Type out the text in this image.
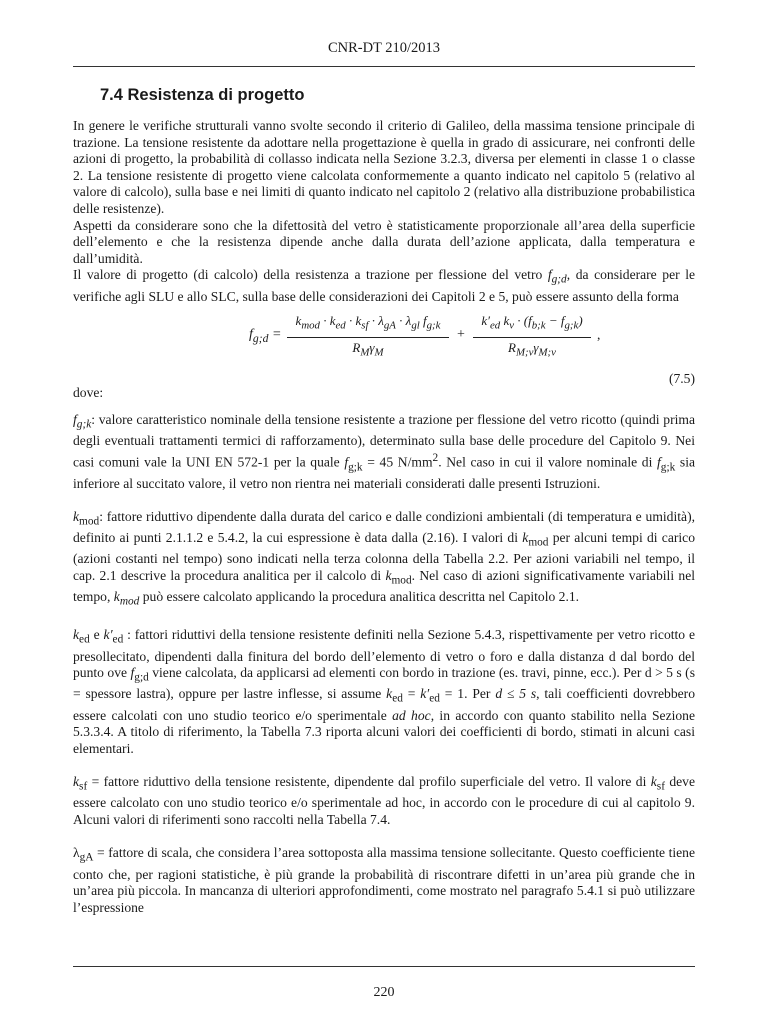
CNR-DT 210/2013
7.4 Resistenza di progetto

In genere le verifiche strutturali vanno svolte secondo il criterio di Galileo, della massima tensione principale di trazione. La tensione resistente da adottare nella progettazione è quella in grado di assicurare, nei confronti delle azioni di progetto, la probabilità di collasso indicata nella Sezione 3.2.3, diversa per elementi in classe 1 o classe 2. La tensione resistente di progetto viene calcolata conformemente a quanto indicato nel capitolo 5 (relativo al valore di calcolo), sulla base e nei limiti di quanto indicato nel capitolo 2 (relativo alla distribuzione probabilistica delle resistenze).

Aspetti da considerare sono che la difettosità del vetro è statisticamente proporzionale all’area della superficie dell’elemento e che la resistenza dipende anche dalla durata dell’azione applicata, dalla temperatura e dall’umidità.

Il valore di progetto (di calcolo) della resistenza a trazione per flessione del vetro $f_{g;d}$, da considerare per le verifiche agli SLU e allo SLC, sulla base delle considerazioni dei Capitoli 2 e 5, può essere assunto della forma

$f_{g;d}$ =
$k_{mod} \cdot k_{ed} \cdot k_{sf} \cdot \lambda_{gA} \cdot \lambda_{gl}$ $f_{g;k}$
$R_M\gamma_M$
+
$k'_{ed}$ $k_v \cdot (f_{b;k} - f_{g;k})$
$R_{M;v}\gamma_{M;v}$
,
dove:
(7.5)

$f_{g;k}$: valore caratteristico nominale della tensione resistente a trazione per flessione del vetro ricotto (quindi prima degli eventuali trattamenti termici di rafforzamento), determinato sulla base delle procedure del Capitolo 9. Nei casi comuni vale la UNI EN 572-1 per la quale $f_{g;k} = 45$ $N/mm^2$. Nel caso in cui il valore nominale di $f_{g;k}$ sia inferiore al succitato valore, il vetro non rientra nei materiali considerati dalle presenti Istruzioni.

$k_{mod}$: fattore riduttivo dipendente dalla durata del carico e dalle condizioni ambientali (di temperatura e umidità), definito ai punti 2.1.1.2 e 5.4.2, la cui espressione è data dalla (2.16). I valori di $k_{mod}$ per alcuni tempi di carico (azioni costanti nel tempo) sono indicati nella terza colonna della Tabella 2.2. Per azioni variabili nel tempo, il cap. 2.1 descrive la procedura analitica per il calcolo di $k_{mod}$. Nel caso di azioni significativamente variabili nel tempo, $k_{mod}$ può essere calcolato applicando la procedura analitica descritta nel Capitolo 2.1.

$k_{ed}$ e $k'_{ed}$ : fattori riduttivi della tensione resistente definiti nella Sezione 5.4.3, rispettivamente per vetro ricotto e presollecitato, dipendenti dalla finitura del bordo dell’elemento di vetro o foro e dalla distanza d dal bordo del punto ove $f_{g;d}$ viene calcolata, da applicarsi ad elementi con bordo in trazione (es. travi, pinne, ecc.). Per d > 5 s (s = spessore lastra), oppure per lastre inflesse, si assume $k_{ed} = k'_{ed} = 1$. Per d ≤ 5 s, tali coefficienti dovrebbero essere calcolati con uno studio teorico e/o sperimentale ad hoc, in accordo con quanto stabilito nella Sezione 5.3.3.4. A titolo di riferimento, la Tabella 7.3 riporta alcuni valori dei coefficienti di bordo, stimati in alcuni casi elementari.

$k_{sf}$ = fattore riduttivo della tensione resistente, dipendente dal profilo superficiale del vetro. Il valore di $k_{sf}$ deve essere calcolato con uno studio teorico e/o sperimentale ad hoc, in accordo con le procedure di cui al capitolo 9. Alcuni valori di riferimenti sono raccolti nella Tabella 7.4.

$\lambda_{gA}$ = fattore di scala, che considera l’area sottoposta alla massima tensione sollecitante. Questo coefficiente tiene conto che, per ragioni statistiche, è più grande la probabilità di riscontrare difetti in un’area più grande che in un’area più piccola. In mancanza di ulteriori approfondimenti, come mostrato nel paragrafo 5.4.1 si può utilizzare l’espressione

220
